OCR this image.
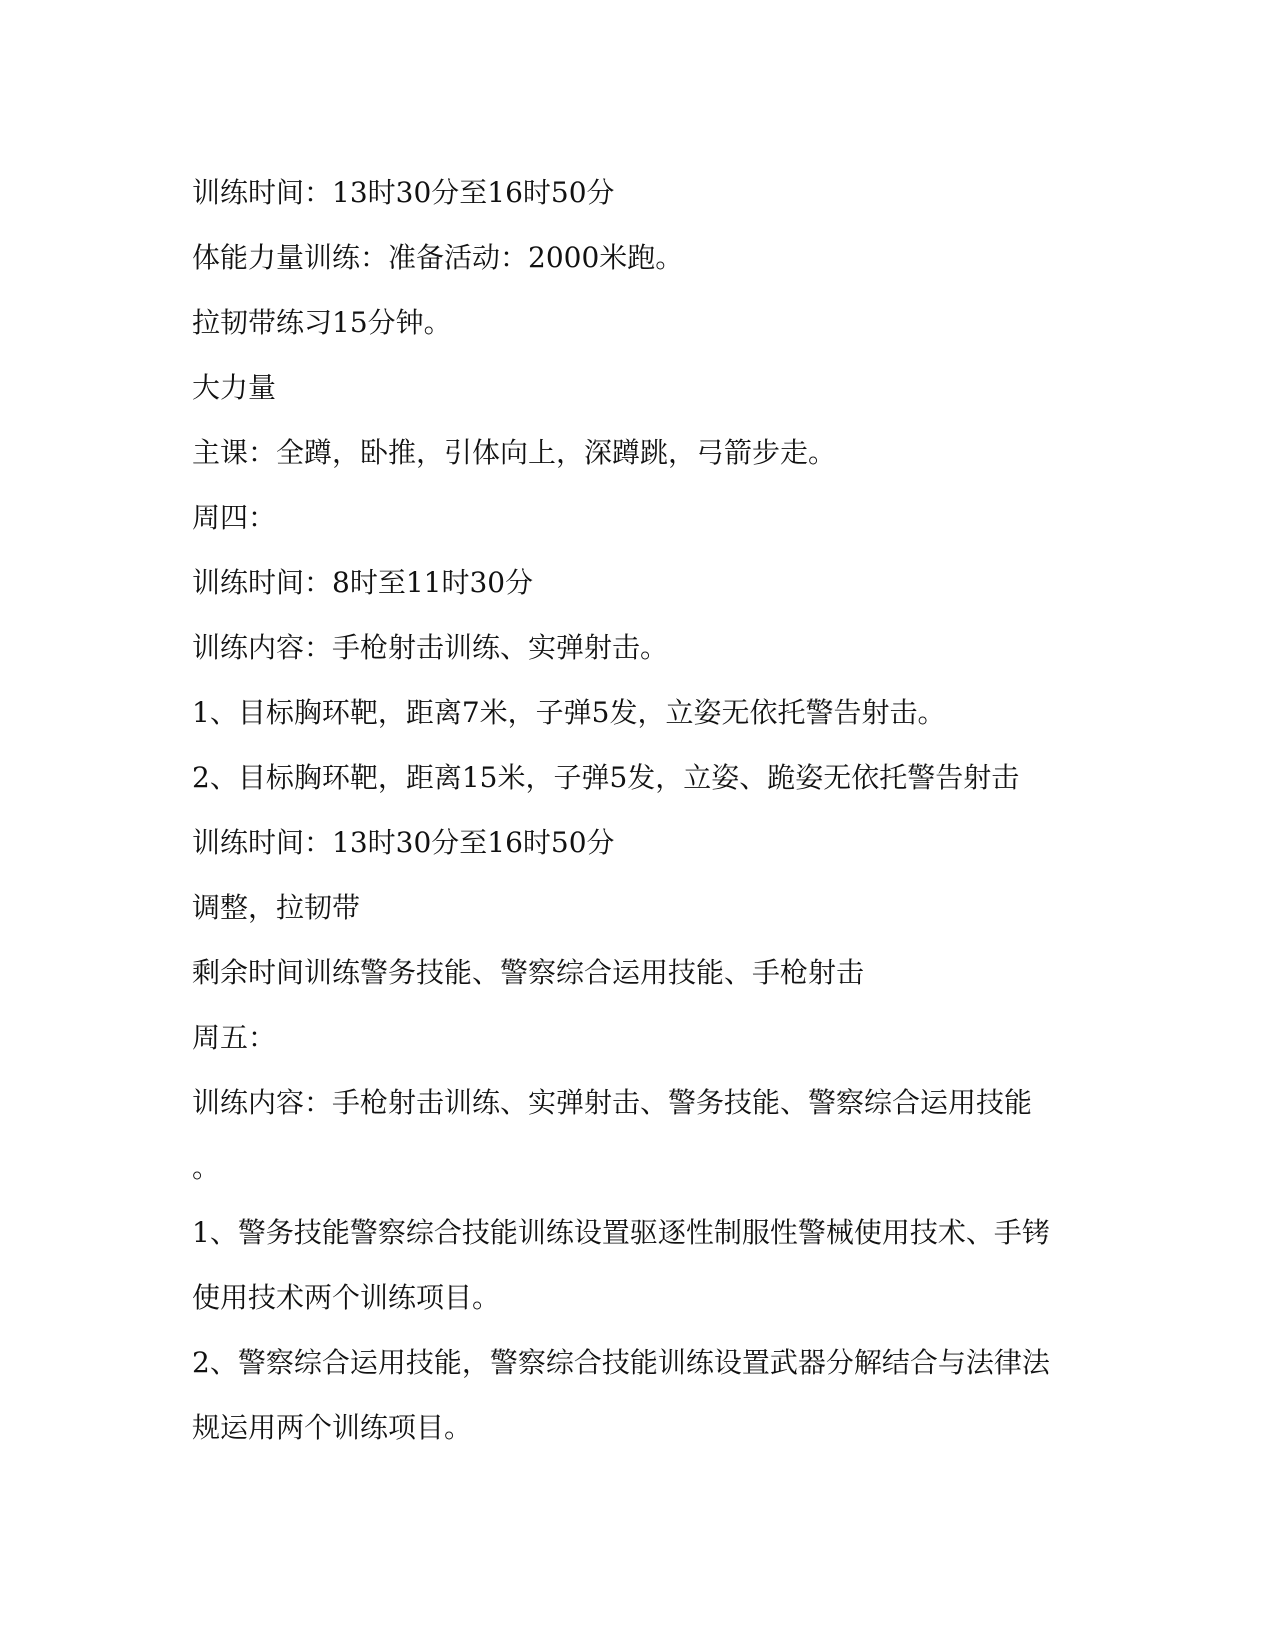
训练时间：13时30分至16时50分
体能力量训练：准备活动：2000米跑。
拉韧带练习15分钟。
大力量
主课：全蹲，卧推，引体向上，深蹲跳，弓箭步走。
周四：
训练时间：8时至11时30分
训练内容：手枪射击训练、实弹射击。
1、目标胸环靶，距离7米，子弹5发，立姿无依托警告射击。
2、目标胸环靶，距离15米，子弹5发，立姿、跪姿无依托警告射击
训练时间：13时30分至16时50分
调整，拉韧带
剩余时间训练警务技能、警察综合运用技能、手枪射击
周五：
训练内容：手枪射击训练、实弹射击、警务技能、警察综合运用技能
。
1、警务技能警察综合技能训练设置驱逐性制服性警械使用技术、手铐
使用技术两个训练项目。
2、警察综合运用技能，警察综合技能训练设置武器分解结合与法律法
规运用两个训练项目。
